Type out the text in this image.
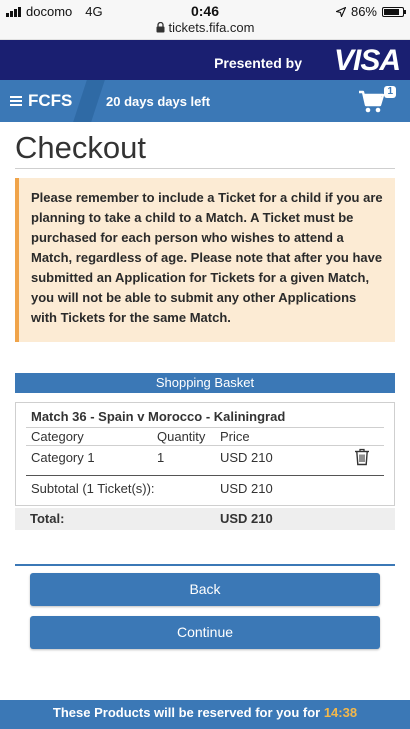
docomo 4G	0:46
tickets.fifa.com
86%
Presented by VISA
FCFS	20 days days left
1
Checkout
Please remember to include a Ticket for a child if you are planning to take a child to a Match. A Ticket must be purchased for each person who wishes to attend a Match, regardless of age. Please note that after you have submitted an Application for Tickets for a given Match, you will not be able to submit any other Applications with Tickets for the same Match.
Shopping Basket
Match 36 - Spain v Morocco - Kaliningrad
Category	Quantity Price
Category 1	1	USD 210
Subtotal (1 Ticket(s)):	USD 210
Total:	USD 210
Back
Continue
These Products will be reserved for you for 14:38
